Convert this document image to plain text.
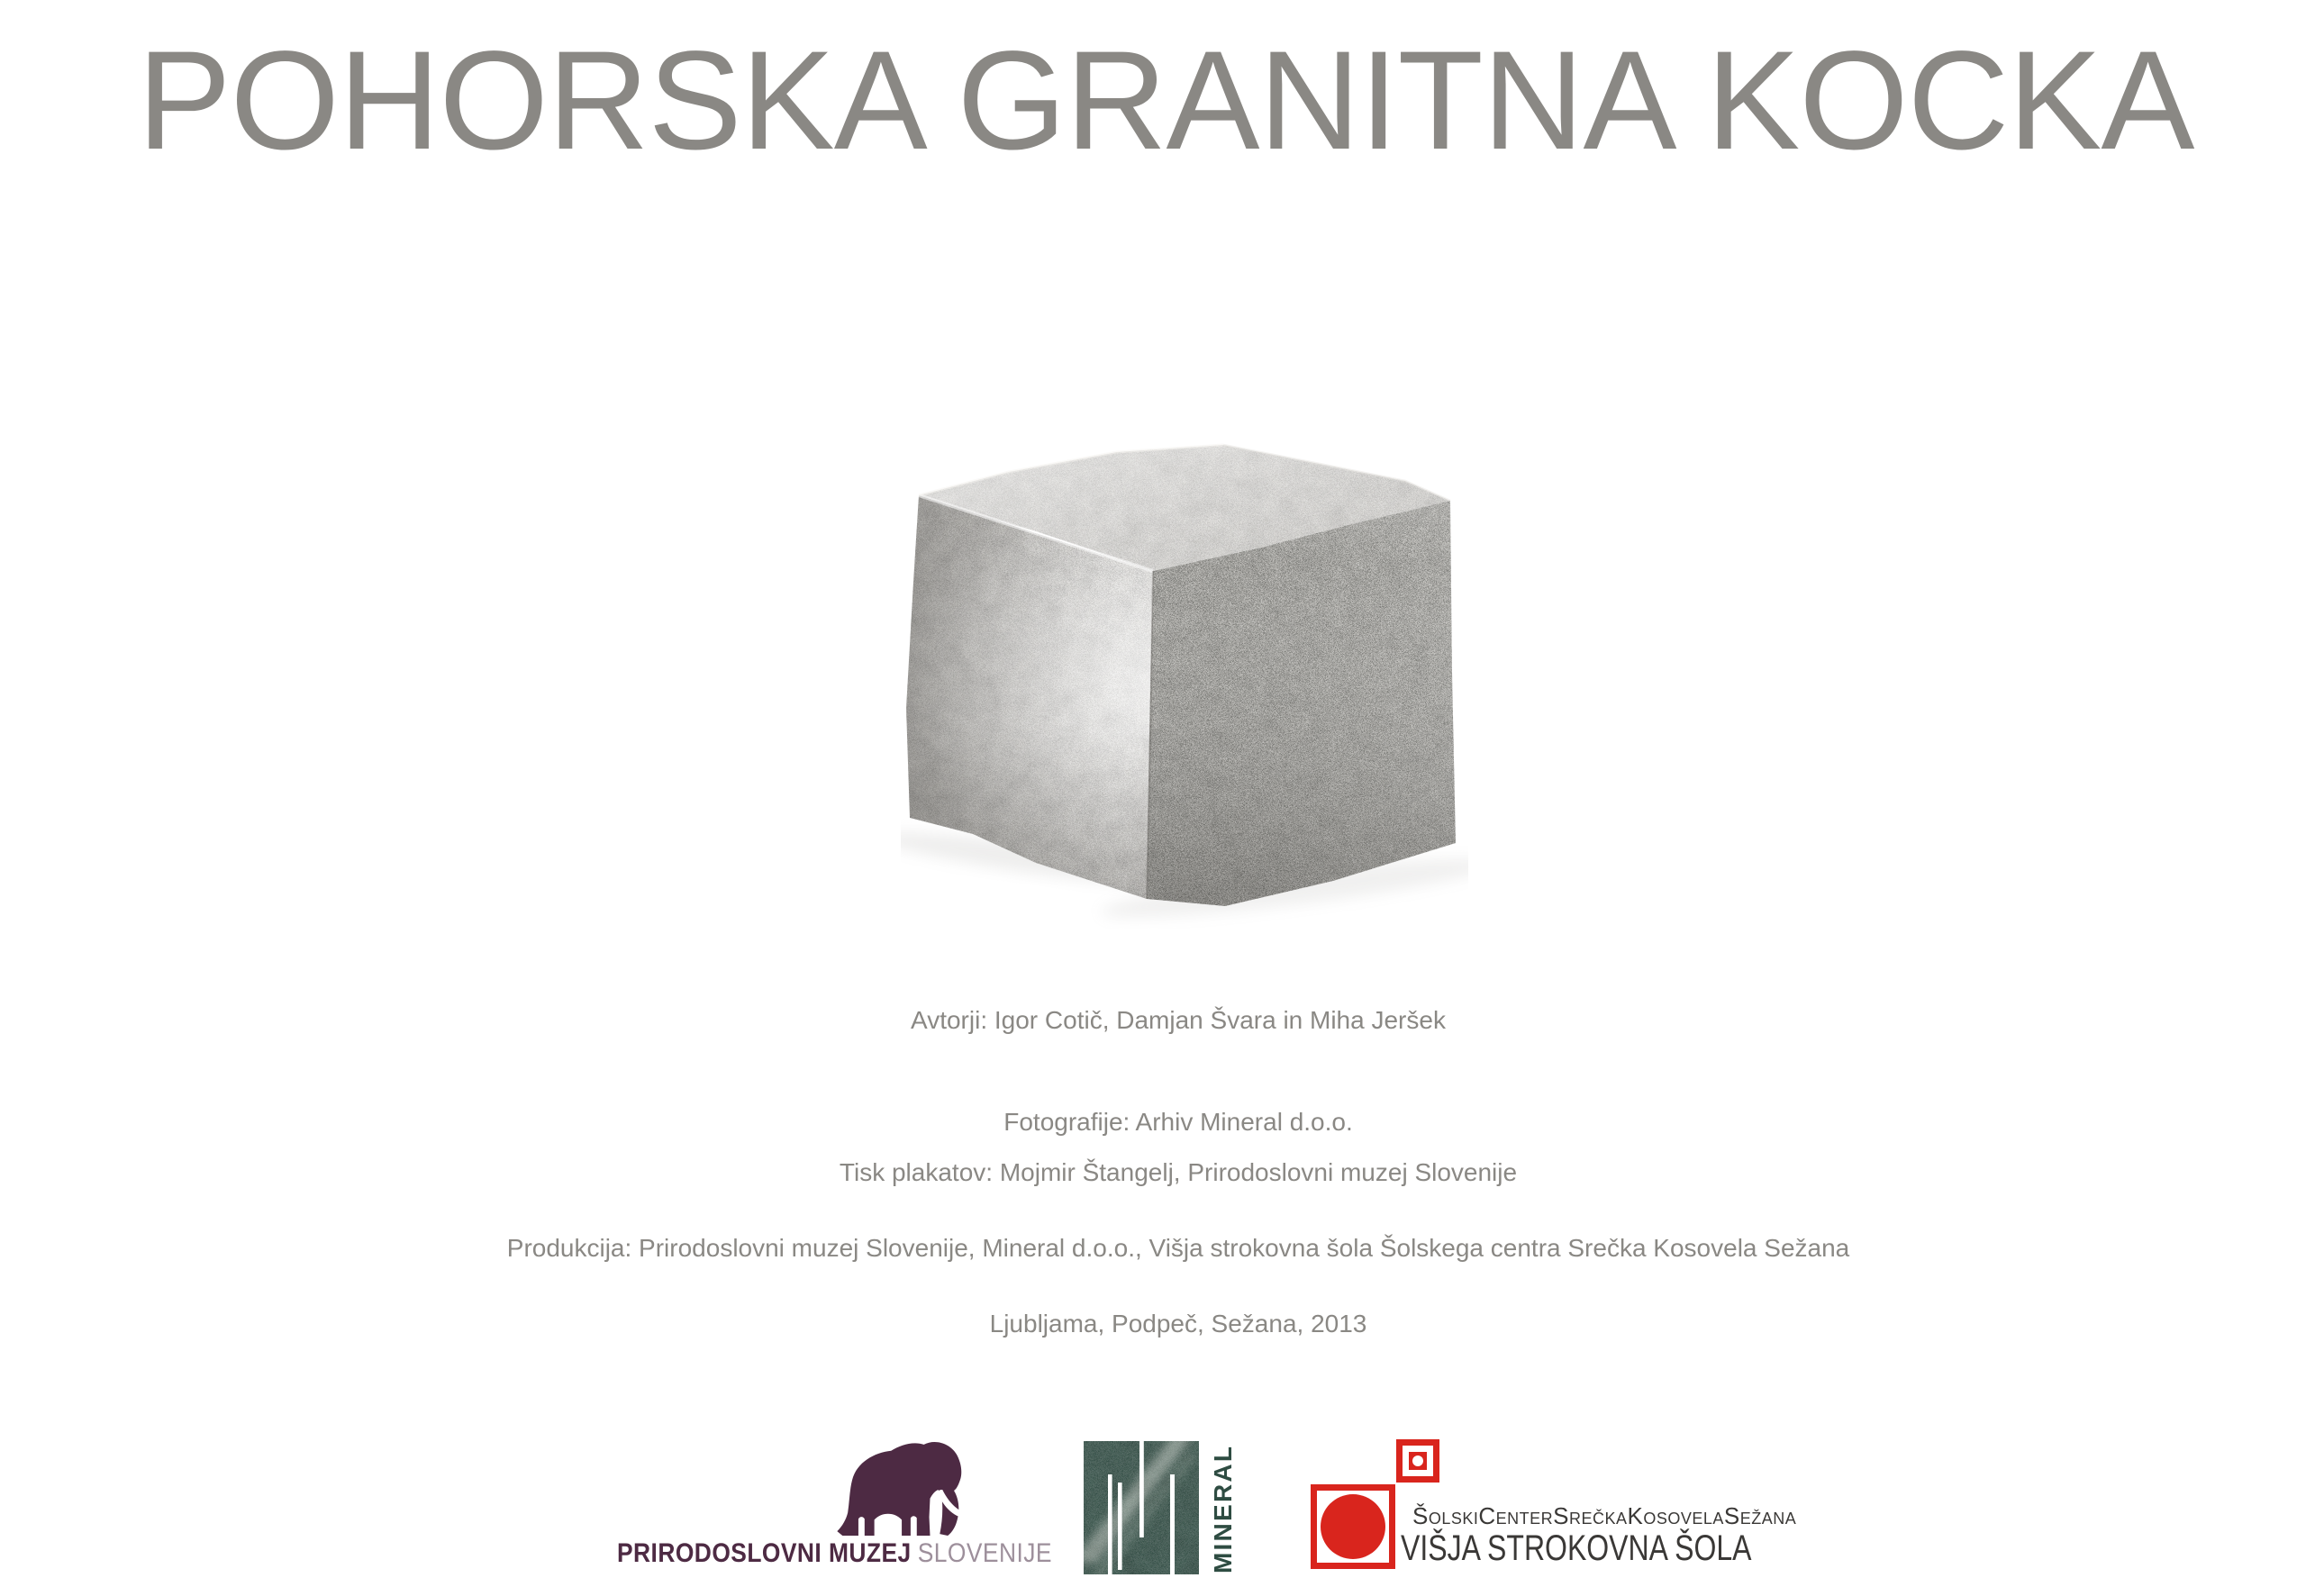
POHORSKA GRANITNA KOCKA
Avtorji: Igor Cotič, Damjan Švara in Miha Jeršek
Fotografije: Arhiv Mineral d.o.o.
Tisk plakatov: Mojmir Štangelj, Prirodoslovni muzej Slovenije
Produkcija: Prirodoslovni muzej Slovenije, Mineral d.o.o., Višja strokovna šola Šolskega centra Srečka Kosovela Sežana
Ljubljama, Podpeč, Sežana, 2013
PRIRODOSLOVNI MUZEJ SLOVENIJE	MINERAL
ŠolskiCenterSrečkaKosovelaSežana
VIŠJA STROKOVNA ŠOLA
